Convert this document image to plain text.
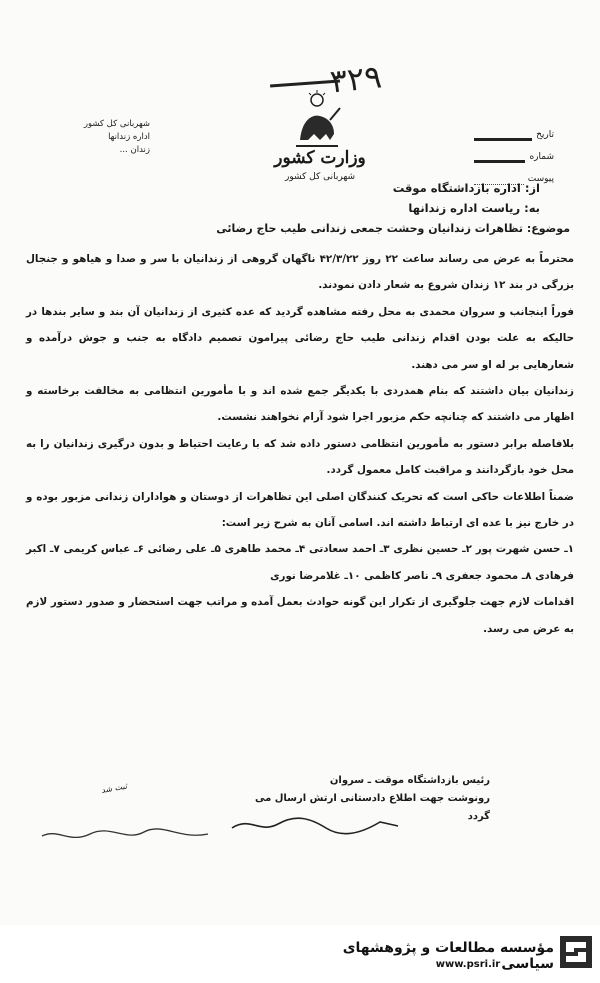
۳۲۹
وزارت کشور
شهربانی کل کشور
شهربانی کل کشور
اداره زندانها
زندان ...
تاریخ
شماره
پیوست
از: اداره بازداشتگاه موقت
به: ریاست اداره زندانها
موضوع: تظاهرات زندانیان وحشت جمعی زندانی طیب حاج رضائی

محترماً به عرض می رساند ساعت ۲۲ روز ۴۲/۳/۲۲ ناگهان گروهی از زندانیان با سر و صدا و هیاهو و جنجال بزرگی در بند ۱۲ زندان شروع به شعار دادن نمودند.

فوراً اینجانب و سروان محمدی به محل رفته مشاهده گردید که عده کثیری از زندانیان آن بند و سایر بندها در حالیکه به علت بودن اقدام زندانی طیب حاج رضائی پیرامون تصمیم دادگاه به جنب و جوش درآمده و شعارهایی بر له او سر می دهند.

زندانیان بیان داشتند که بنام همدردی با یکدیگر جمع شده اند و با مأمورین انتظامی به مخالفت برخاسته و اظهار می داشتند که چنانچه حکم مزبور اجرا شود آرام نخواهند نشست.

بلافاصله برابر دستور به مأمورین انتظامی دستور داده شد که با رعایت احتیاط و بدون درگیری زندانیان را به محل خود بازگردانند و مراقبت کامل معمول گردد.

ضمناً اطلاعات حاکی است که تحریک کنندگان اصلی این تظاهرات از دوستان و هواداران زندانی مزبور بوده و در خارج نیز با عده ای ارتباط داشته اند. اسامی آنان به شرح زیر است:

۱ـ حسن شهرت پور ۲ـ حسین نظری ۳ـ احمد سعادتی ۴ـ محمد طاهری ۵ـ علی رضائی ۶ـ عباس کریمی ۷ـ اکبر فرهادی ۸ـ محمود جعفری ۹ـ ناصر کاظمی ۱۰ـ غلامرضا نوری

اقدامات لازم جهت جلوگیری از تکرار این گونه حوادث بعمل آمده و مراتب جهت استحضار و صدور دستور لازم به عرض می رسد.

رئیس بازداشتگاه موقت ـ سروان
رونوشت جهت اطلاع دادستانی ارتش ارسال می گردد
ثبت شد
مؤسسه مطالعات و پژوهشهای سیاسی
www.psri.ir
